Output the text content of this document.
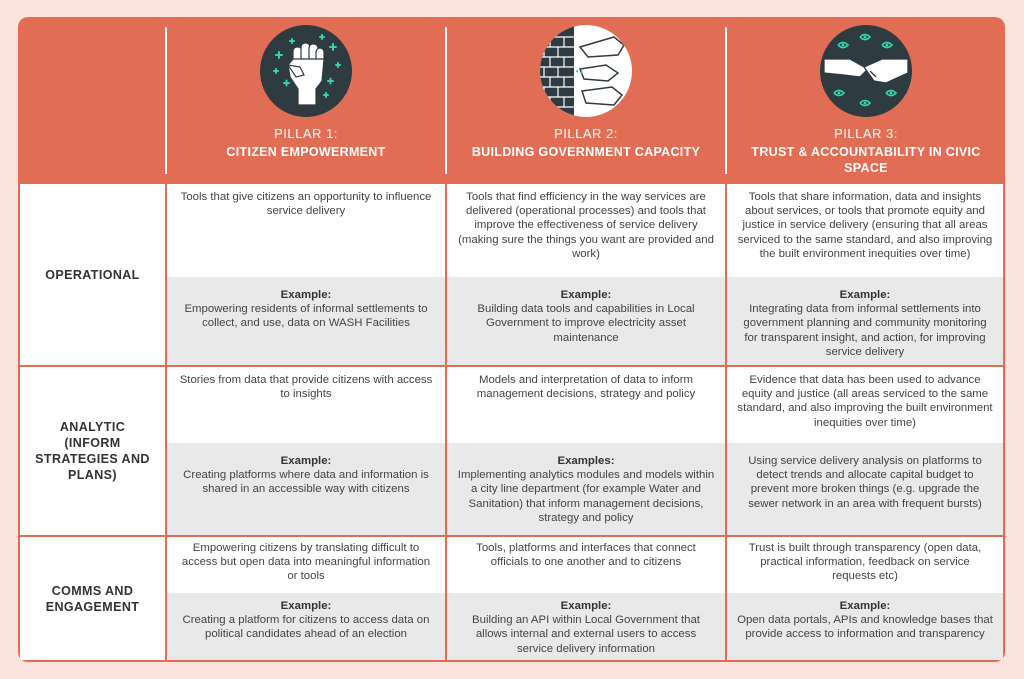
PILLAR 1:
CITIZEN EMPOWERMENT
PILLAR 2:
BUILDING GOVERNMENT CAPACITY
PILLAR 3:
TRUST & ACCOUNTABILITY IN CIVIC SPACE
OPERATIONAL
Tools that give citizens an opportunity to influence service delivery
Example:
Empowering residents of informal settlements to collect, and use, data on WASH Facilities
Tools that find efficiency in the way services are delivered (operational processes) and tools that improve the effectiveness of service delivery (making sure the things you want are provided and work)
Example:
Building data tools and capabilities in Local Government to improve electricity asset maintenance
Tools that share information, data and insights about services, or tools that promote equity and justice in service delivery (ensuring that all areas serviced to the same standard, and also improving the built environment inequities over time)
Example:
Integrating data from informal settlements into government planning and community monitoring for transparent insight, and action, for improving service delivery
ANALYTIC (INFORM STRATEGIES AND PLANS)
Stories from data that provide citizens with access to insights
Example:
Creating platforms where data and information is shared in an accessible way with citizens
Models and interpretation of data to inform management decisions, strategy and policy
Examples:
Implementing analytics modules and models within a city line department (for example Water and Sanitation) that inform management decisions, strategy and policy
Evidence that data has been used to advance equity and justice (all areas serviced to the same standard, and also improving the built environment inequities over time)
Using service delivery analysis on platforms to detect trends and allocate capital budget to prevent more broken things (e.g. upgrade the sewer network in an area with frequent bursts)
COMMS AND ENGAGEMENT
Empowering citizens by translating difficult to access but open data into meaningful information or tools
Example:
Creating a platform for citizens to access data on political candidates ahead of an election
Tools, platforms and interfaces that connect officials to one another and to citizens
Example:
Building an API within Local Government that allows internal and external users to access service delivery information
Trust is built through transparency (open data, practical information, feedback on service requests etc)
Example:
Open data portals, APIs and knowledge bases that provide access to information and transparency
